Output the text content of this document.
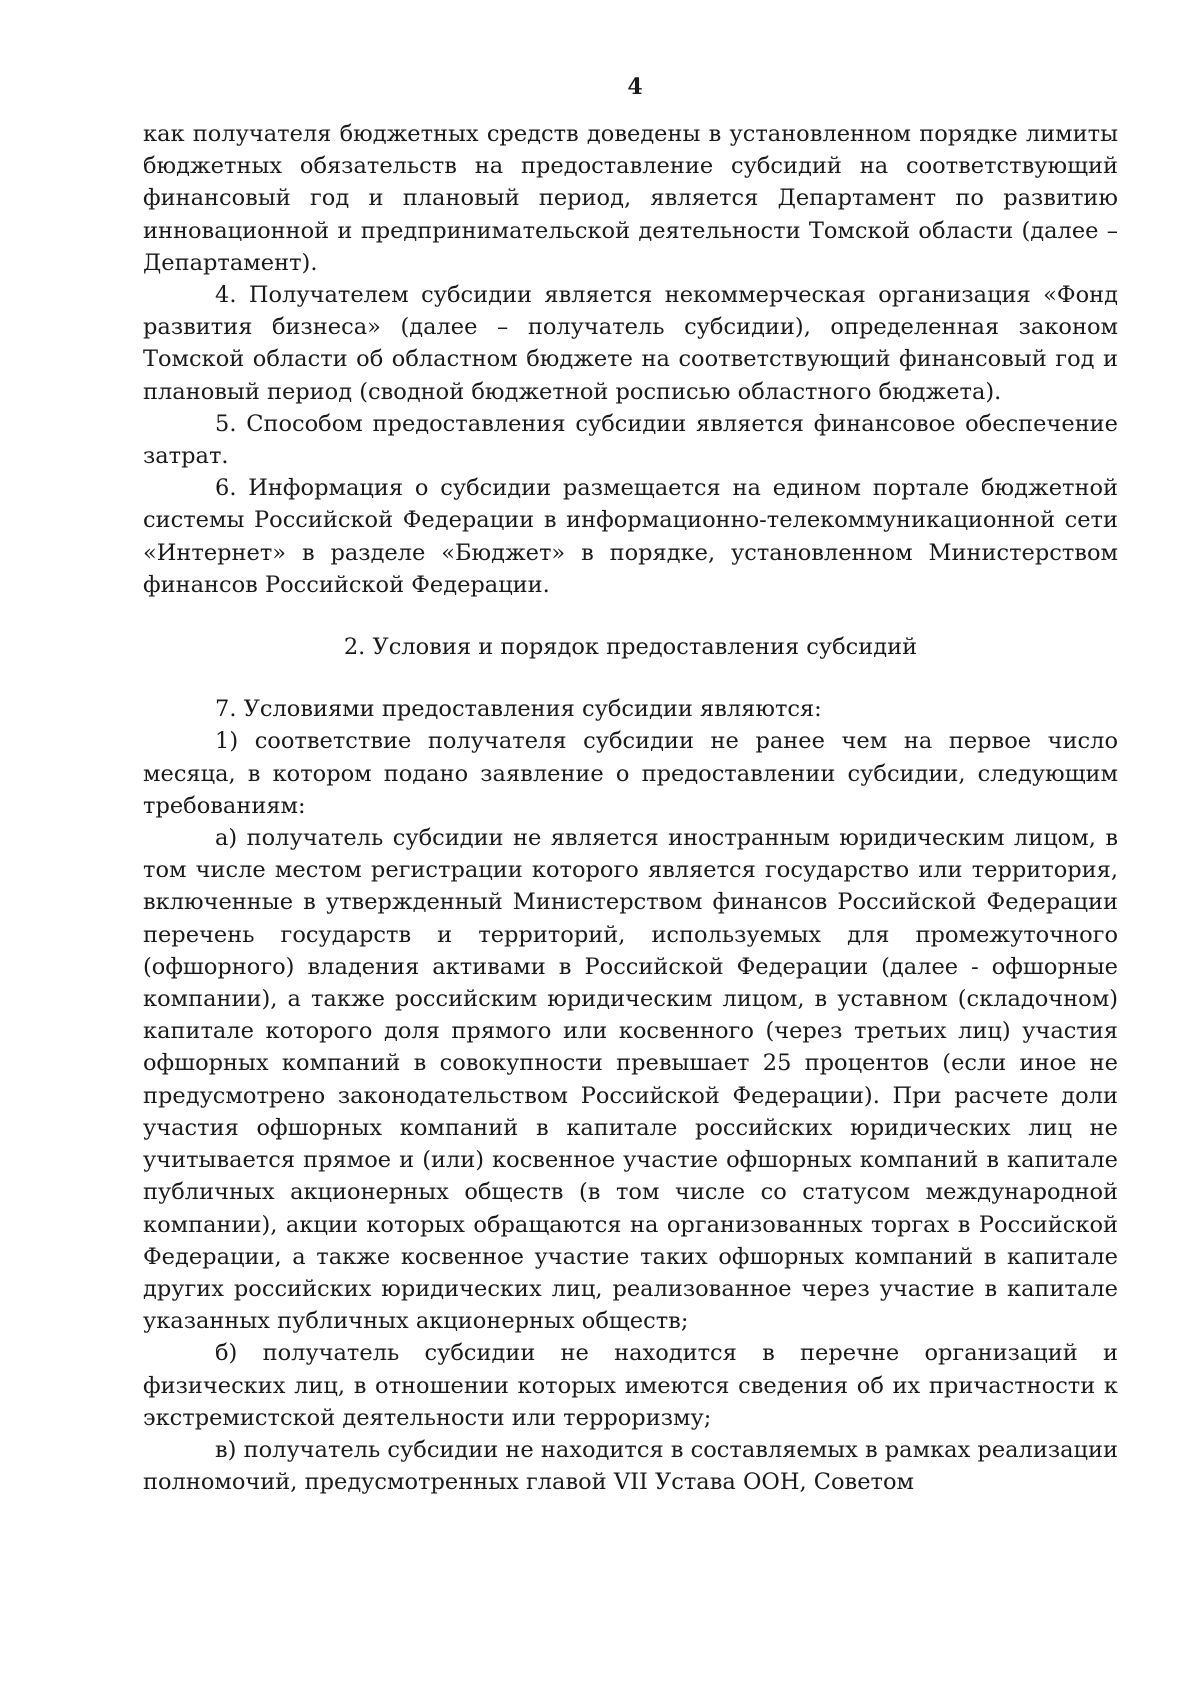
4

как получателя бюджетных средств доведены в установленном порядке лимиты бюджетных обязательств на предоставление субсидий на соответствующий финансовый год и плановый период, является Департамент по развитию инновационной и предпринимательской деятельности Томской области (далее – Департамент).

4. Получателем субсидии является некоммерческая организация «Фонд развития бизнеса» (далее – получатель субсидии), определенная законом Томской области об областном бюджете на соответствующий финансовый год и плановый период (сводной бюджетной росписью областного бюджета).

5. Способом предоставления субсидии является финансовое обеспечение затрат.

6. Информация о субсидии размещается на едином портале бюджетной системы Российской Федерации в информационно-телекоммуникационной сети «Интернет» в разделе «Бюджет» в порядке, установленном Министерством финансов Российской Федерации.

2. Условия и порядок предоставления субсидий

7. Условиями предоставления субсидии являются:

1) соответствие получателя субсидии не ранее чем на первое число месяца, в котором подано заявление о предоставлении субсидии, следующим требованиям:

а) получатель субсидии не является иностранным юридическим лицом, в том числе местом регистрации которого является государство или территория, включенные в утвержденный Министерством финансов Российской Федерации перечень государств и территорий, используемых для промежуточного (офшорного) владения активами в Российской Федерации (далее - офшорные компании), а также российским юридическим лицом, в уставном (складочном) капитале которого доля прямого или косвенного (через третьих лиц) участия офшорных компаний в совокупности превышает 25 процентов (если иное не предусмотрено законодательством Российской Федерации). При расчете доли участия офшорных компаний в капитале российских юридических лиц не учитывается прямое и (или) косвенное участие офшорных компаний в капитале публичных акционерных обществ (в том числе со статусом международной компании), акции которых обращаются на организованных торгах в Российской Федерации, а также косвенное участие таких офшорных компаний в капитале других российских юридических лиц, реализованное через участие в капитале указанных публичных акционерных обществ;

б) получатель субсидии не находится в перечне организаций и физических лиц, в отношении которых имеются сведения об их причастности к экстремистской деятельности или терроризму;

в) получатель субсидии не находится в составляемых в рамках реализации полномочий, предусмотренных главой VII Устава ООН, Советом
